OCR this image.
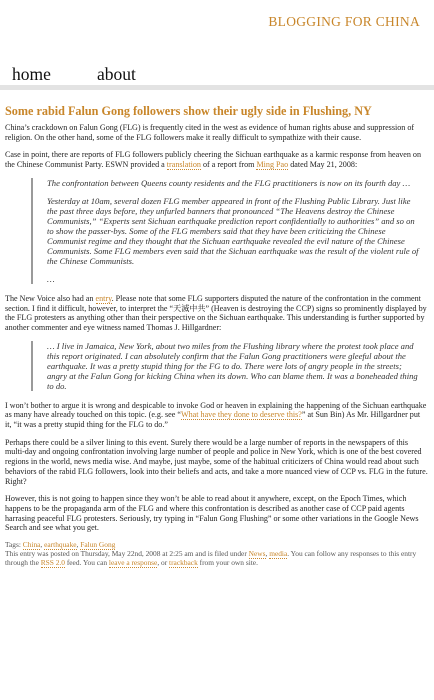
BLOGGING FOR CHINA
home	about
Some rabid Falun Gong followers show their ugly side in Flushing, NY

China’s crackdown on Falun Gong (FLG) is frequently cited in the west as evidence of human rights abuse and suppression of religion. On the other hand, some of the FLG followers make it really difficult to sympathize with their cause.

Case in point, there are reports of FLG followers publicly cheering the Sichuan earthquake as a karmic response from heaven on the Chinese Communist Party. ESWN provided a translation of a report from Ming Pao dated May 21, 2008:

The confrontation between Queens county residents and the FLG practitioners is now on its fourth day …

Yesterday at 10am, several dozen FLG member appeared in front of the Flushing Public Library. Just like the past three days before, they unfurled banners that pronounced “The Heavens destroy the Chinese Communists,” “Experts sent Sichuan earthquake prediction report confidentially to authorities” and so on to show the passer-bys. Some of the FLG members said that they have been criticizing the Chinese Communist regime and they thought that the Sichuan earthquake revealed the evil nature of the Chinese Communists. Some FLG members even said that the Sichuan earthquake was the result of the violent rule of the Chinese Communists.

…

The New Voice also had an entry. Please note that some FLG supporters disputed the nature of the confrontation in the comment section. I find it difficult, however, to interpret the “天滅中共” (Heaven is destroying the CCP) signs so prominently displayed by the FLG protesters as anything other than their perspective on the Sichuan earthquake. This understanding is further supported by another commenter and eye witness named Thomas J. Hillgardner:

… I live in Jamaica, New York, about two miles from the Flushing library where the protest took place and this report originated. I can absolutely confirm that the Falun Gong practitioners were gleeful about the earthquake. It was a pretty stupid thing for the FG to do. There were lots of angry people in the streets; angry at the Falun Gong for kicking China when its down. Who can blame them. It was a boneheaded thing to do.

I won’t bother to argue it is wrong and despicable to invoke God or heaven in explaining the happening of the Sichuan earthquake as many have already touched on this topic. (e.g. see “What have they done to deserve this?” at Sun Bin) As Mr. Hillgardner put it, “it was a pretty stupid thing for the FLG to do.”

Perhaps there could be a silver lining to this event. Surely there would be a large number of reports in the newspapers of this multi-day and ongoing confrontation involving large number of people and police in New York, which is one of the best covered regions in the world, news media wise. And maybe, just maybe, some of the habitual criticizers of China would read about such behaviors of the rabid FLG followers, look into their beliefs and acts, and take a more nuanced view of CCP vs. FLG in the future. Right?

However, this is not going to happen since they won’t be able to read about it anywhere, except, on the Epoch Times, which happens to be the propaganda arm of the FLG and where this confrontation is described as another case of CCP paid agents harrasing peaceful FLG protesters. Seriously, try typing in “Falun Gong Flushing” or some other variations in the Google News Search and see what you get.

Tags: China, earthquake, Falun Gong
This entry was posted on Thursday, May 22nd, 2008 at 2:25 am and is filed under News, media. You can follow any responses to this entry through the RSS 2.0 feed. You can leave a response, or trackback from your own site.
